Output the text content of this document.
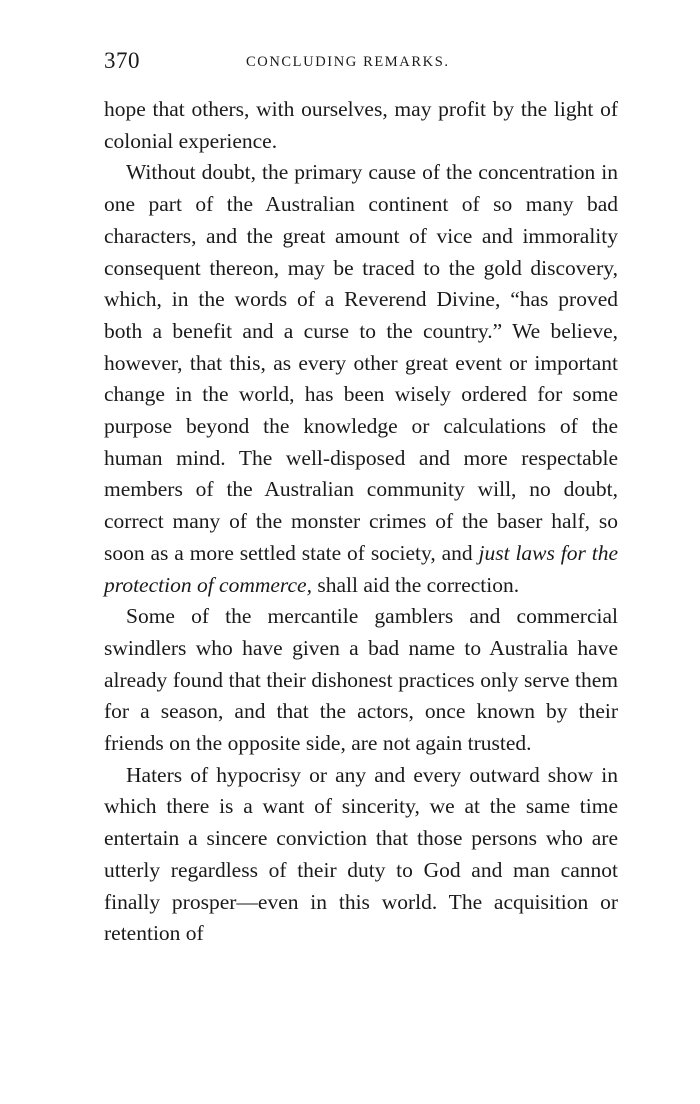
370	CONCLUDING REMARKS.

hope that others, with ourselves, may profit by the light of colonial experience.

Without doubt, the primary cause of the concentration in one part of the Australian continent of so many bad characters, and the great amount of vice and immorality consequent thereon, may be traced to the gold discovery, which, in the words of a Reverend Divine, “has proved both a benefit and a curse to the country.” We believe, however, that this, as every other great event or important change in the world, has been wisely ordered for some purpose beyond the knowledge or calculations of the human mind. The well-disposed and more respectable members of the Australian community will, no doubt, correct many of the monster crimes of the baser half, so soon as a more settled state of society, and just laws for the protection of commerce, shall aid the correction.

Some of the mercantile gamblers and commercial swindlers who have given a bad name to Australia have already found that their dishonest practices only serve them for a season, and that the actors, once known by their friends on the opposite side, are not again trusted.

Haters of hypocrisy or any and every outward show in which there is a want of sincerity, we at the same time entertain a sincere conviction that those persons who are utterly regardless of their duty to God and man cannot finally prosper—even in this world. The acquisition or retention of
